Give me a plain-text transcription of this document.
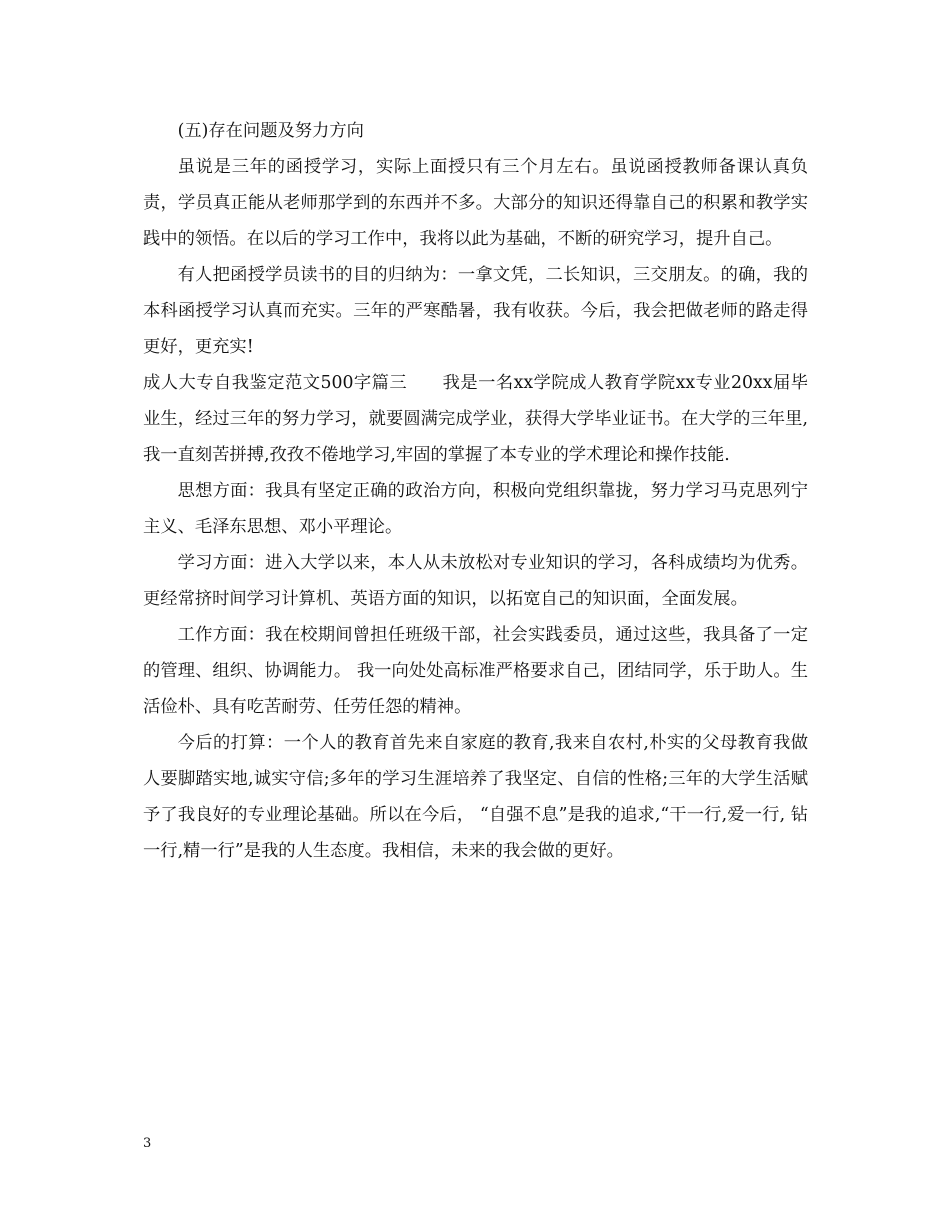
(五)存在问题及努力方向

虽说是三年的函授学习，实际上面授只有三个月左右。虽说函授教师备课认真负责，学员真正能从老师那学到的东西并不多。大部分的知识还得靠自己的积累和教学实践中的领悟。在以后的学习工作中，我将以此为基础，不断的研究学习，提升自己。

有人把函授学员读书的目的归纳为：一拿文凭，二长知识，三交朋友。的确，我的本科函授学习认真而充实。三年的严寒酷暑，我有收获。今后，我会把做老师的路走得更好，更充实!

成人大专自我鉴定范文500字篇三　　我是一名xx学院成人教育学院xx专业20xx届毕业生，经过三年的努力学习，就要圆满完成学业，获得大学毕业证书。在大学的三年里,我一直刻苦拼搏,孜孜不倦地学习,牢固的掌握了本专业的学术理论和操作技能.

思想方面：我具有坚定正确的政治方向，积极向党组织靠拢，努力学习马克思列宁主义、毛泽东思想、邓小平理论。

学习方面：进入大学以来，本人从未放松对专业知识的学习，各科成绩均为优秀。更经常挤时间学习计算机、英语方面的知识，以拓宽自己的知识面，全面发展。

工作方面：我在校期间曾担任班级干部，社会实践委员，通过这些，我具备了一定的管理、组织、协调能力。 我一向处处高标准严格要求自己，团结同学，乐于助人。生活俭朴、具有吃苦耐劳、任劳任怨的精神。

今后的打算：一个人的教育首先来自家庭的教育,我来自农村,朴实的父母教育我做人要脚踏实地,诚实守信;多年的学习生涯培养了我坚定、自信的性格;三年的大学生活赋予了我良好的专业理论基础。所以在今后， “自强不息”是我的追求,“干一行,爱一行, 钻一行,精一行”是我的人生态度。我相信，未来的我会做的更好。

3
